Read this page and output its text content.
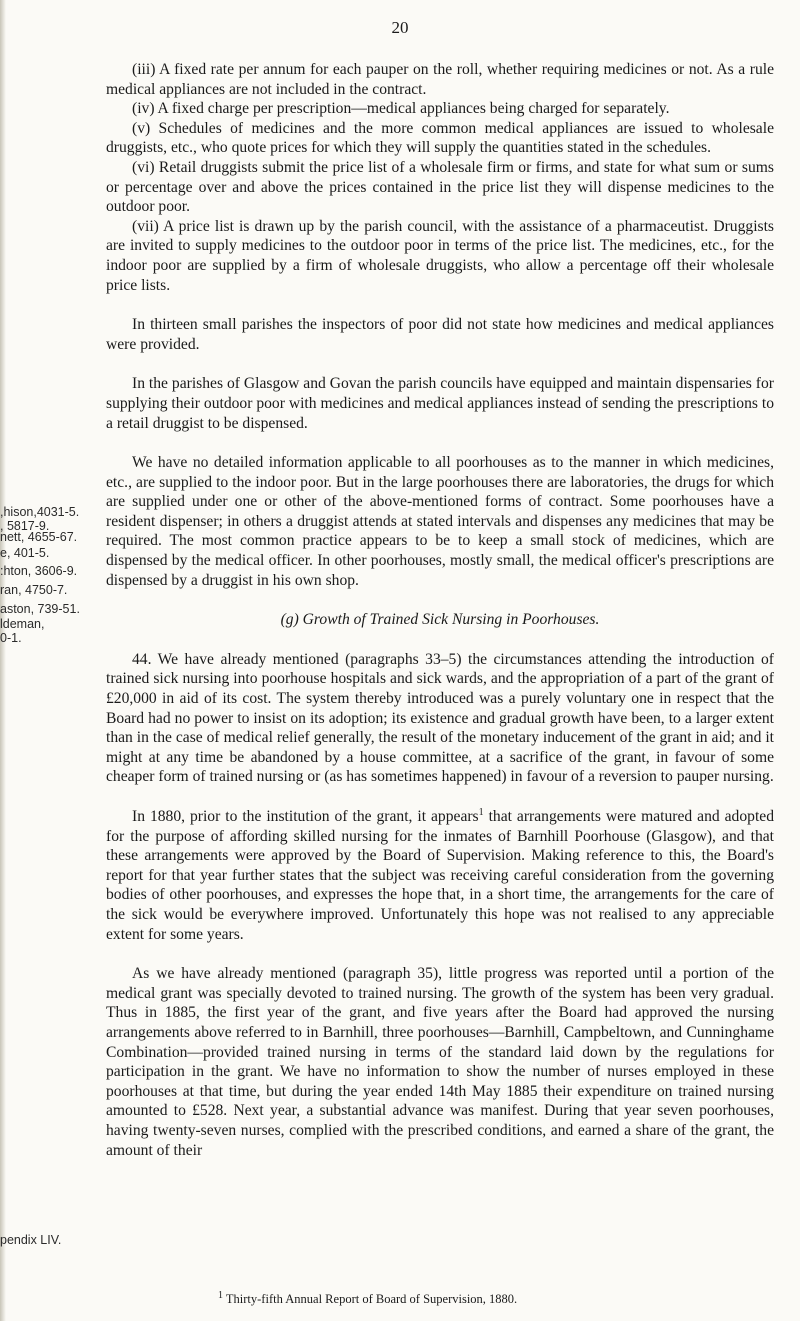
20

(iii) A fixed rate per annum for each pauper on the roll, whether requiring medicines or not. As a rule medical appliances are not included in the contract.

(iv) A fixed charge per prescription—medical appliances being charged for separately.

(v) Schedules of medicines and the more common medical appliances are issued to wholesale druggists, etc., who quote prices for which they will supply the quantities stated in the schedules.

(vi) Retail druggists submit the price list of a wholesale firm or firms, and state for what sum or sums or percentage over and above the prices contained in the price list they will dispense medicines to the outdoor poor.

(vii) A price list is drawn up by the parish council, with the assistance of a pharmaceutist. Druggists are invited to supply medicines to the outdoor poor in terms of the price list. The medicines, etc., for the indoor poor are supplied by a firm of wholesale druggists, who allow a percentage off their wholesale price lists.

In thirteen small parishes the inspectors of poor did not state how medicines and medical appliances were provided.

In the parishes of Glasgow and Govan the parish councils have equipped and maintain dispensaries for supplying their outdoor poor with medicines and medical appliances instead of sending the prescriptions to a retail druggist to be dispensed.

We have no detailed information applicable to all poorhouses as to the manner in which medicines, etc., are supplied to the indoor poor. But in the large poorhouses there are laboratories, the drugs for which are supplied under one or other of the above-mentioned forms of contract. Some poorhouses have a resident dispenser; in others a druggist attends at stated intervals and dispenses any medicines that may be required. The most common practice appears to be to keep a small stock of medicines, which are dispensed by the medical officer. In other poorhouses, mostly small, the medical officer's prescriptions are dispensed by a druggist in his own shop.

(g) Growth of Trained Sick Nursing in Poorhouses.

44. We have already mentioned (paragraphs 33–5) the circumstances attending the introduction of trained sick nursing into poorhouse hospitals and sick wards, and the appropriation of a part of the grant of £20,000 in aid of its cost. The system thereby introduced was a purely voluntary one in respect that the Board had no power to insist on its adoption; its existence and gradual growth have been, to a larger extent than in the case of medical relief generally, the result of the monetary inducement of the grant in aid; and it might at any time be abandoned by a house committee, at a sacrifice of the grant, in favour of some cheaper form of trained nursing or (as has sometimes happened) in favour of a reversion to pauper nursing.

In 1880, prior to the institution of the grant, it appears$^1$ that arrangements were matured and adopted for the purpose of affording skilled nursing for the inmates of Barnhill Poorhouse (Glasgow), and that these arrangements were approved by the Board of Supervision. Making reference to this, the Board's report for that year further states that the subject was receiving careful consideration from the governing bodies of other poorhouses, and expresses the hope that, in a short time, the arrangements for the care of the sick would be everywhere improved. Unfortunately this hope was not realised to any appreciable extent for some years.

As we have already mentioned (paragraph 35), little progress was reported until a portion of the medical grant was specially devoted to trained nursing. The growth of the system has been very gradual. Thus in 1885, the first year of the grant, and five years after the Board had approved the nursing arrangements above referred to in Barnhill, three poorhouses—Barnhill, Campbeltown, and Cunninghame Combination—provided trained nursing in terms of the standard laid down by the regulations for participation in the grant. We have no information to show the number of nurses employed in these poorhouses at that time, but during the year ended 14th May 1885 their expenditure on trained nursing amounted to £528. Next year, a substantial advance was manifest. During that year seven poorhouses, having twenty-seven nurses, complied with the prescribed conditions, and earned a share of the grant, the amount of their

,hison,4031-5.
, 5817-9.
nett, 4655-67.
e, 401-5.
:hton, 3606-9.
ran, 4750-7.
aston, 739-51.
ldeman,
0-1.
pendix LIV.
$^1$ Thirty-fifth Annual Report of Board of Supervision, 1880.
